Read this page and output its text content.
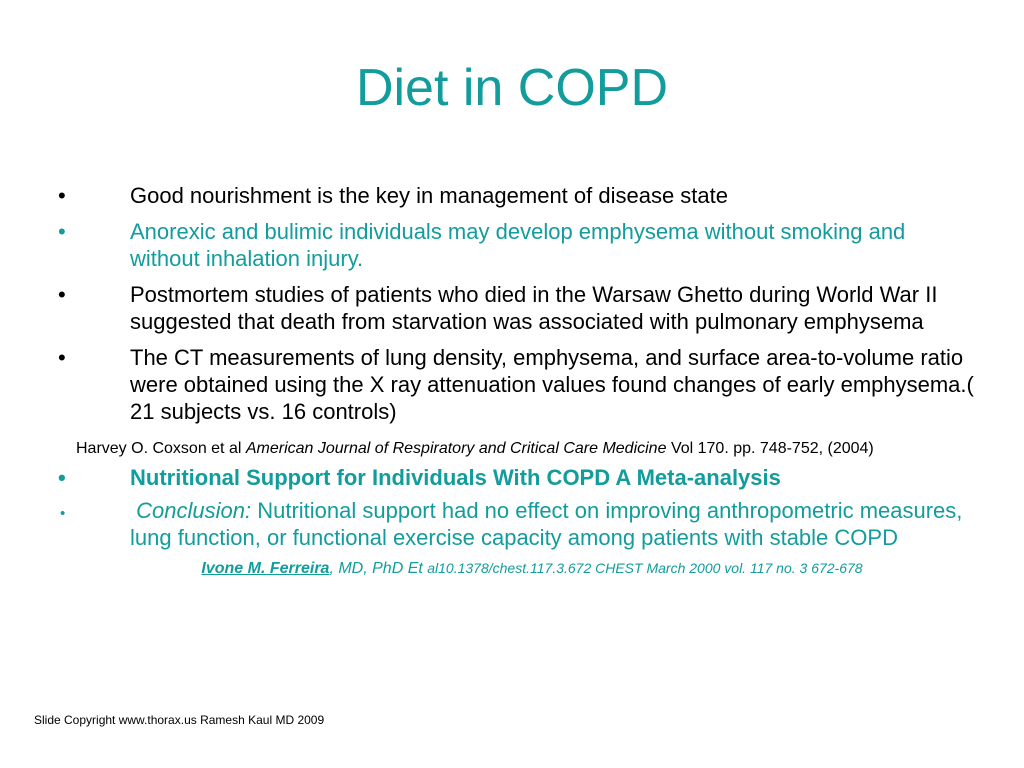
Diet in COPD
•	Good nourishment is the key in management of disease state
•	Anorexic and bulimic individuals may develop emphysema without smoking and without inhalation injury.
•	Postmortem studies of patients who died in the Warsaw Ghetto during World War II suggested that death from starvation was associated with pulmonary emphysema
•	The CT measurements of lung density, emphysema, and surface area-to-volume ratio were obtained using the X ray attenuation values found changes of early emphysema.( 21 subjects vs. 16 controls)
Harvey O. Coxson et al American Journal of Respiratory and Critical Care Medicine Vol 170. pp. 748-752, (2004)
•	Nutritional Support for Individuals With COPD A Meta-analysis
•	Conclusion: Nutritional support had no effect on improving anthropometric measures, lung function, or functional exercise capacity among patients with stable COPD
Ivone M. Ferreira, MD, PhD Et al10.1378/chest.117.3.672 CHEST March 2000 vol. 117 no. 3 672-678
Slide Copyright www.thorax.us Ramesh Kaul MD 2009
